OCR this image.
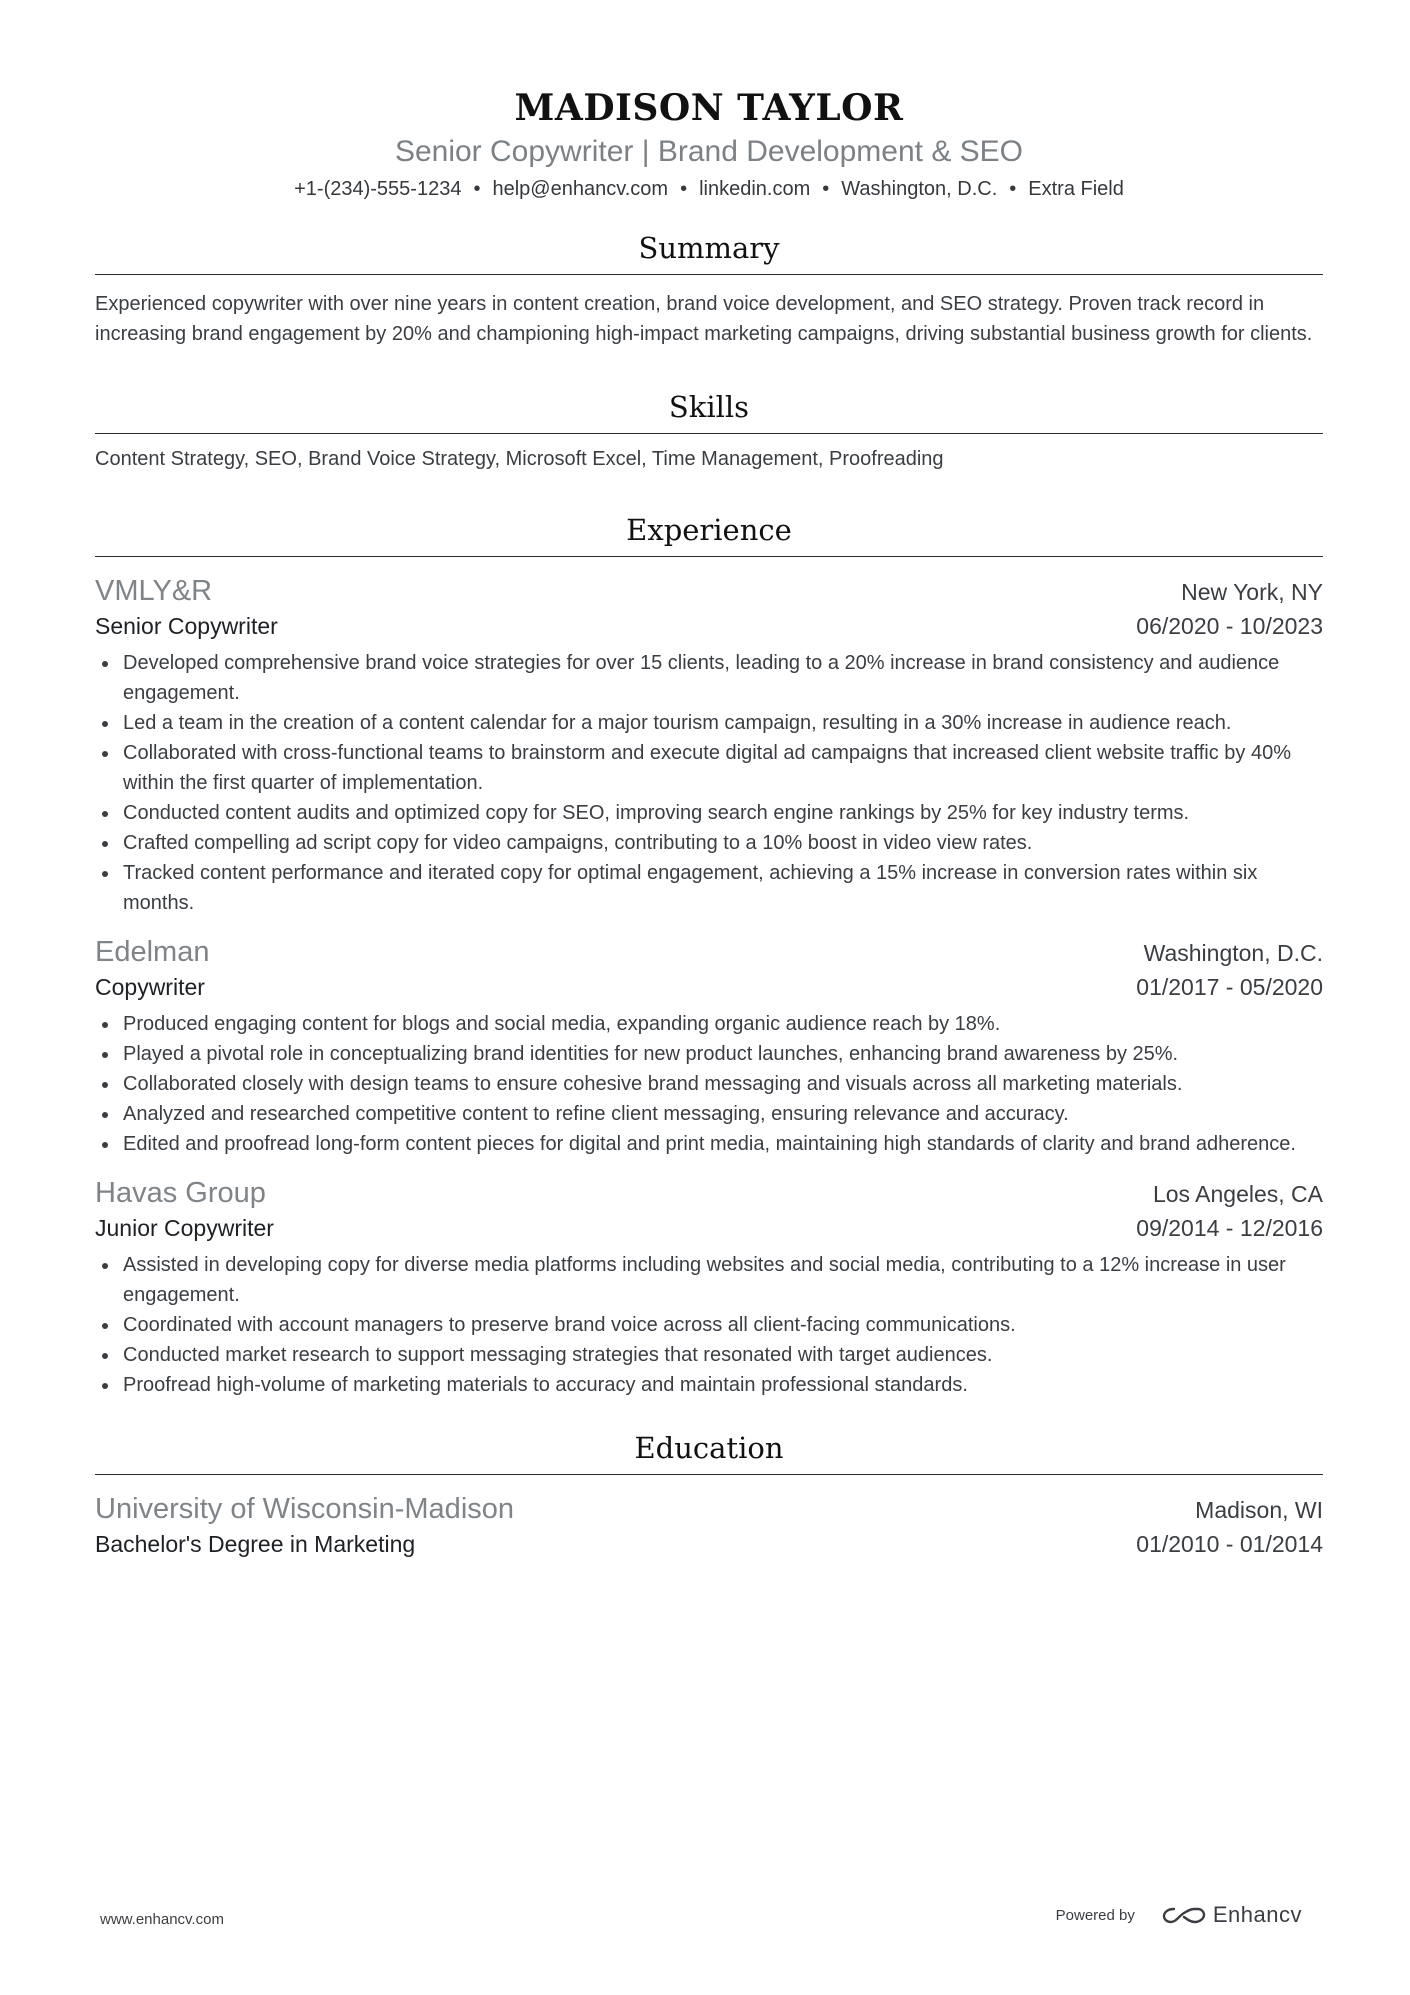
MADISON TAYLOR
Senior Copywriter | Brand Development & SEO
+1-(234)-555-1234 • help@enhancv.com • linkedin.com • Washington, D.C. • Extra Field
Summary
Experienced copywriter with over nine years in content creation, brand voice development, and SEO strategy. Proven track record in increasing brand engagement by 20% and championing high-impact marketing campaigns, driving substantial business growth for clients.
Skills
Content Strategy, SEO, Brand Voice Strategy, Microsoft Excel, Time Management, Proofreading
Experience
VMLY&R	New York, NY
Senior Copywriter	06/2020 - 10/2023
Developed comprehensive brand voice strategies for over 15 clients, leading to a 20% increase in brand consistency and audience engagement.
Led a team in the creation of a content calendar for a major tourism campaign, resulting in a 30% increase in audience reach.
Collaborated with cross-functional teams to brainstorm and execute digital ad campaigns that increased client website traffic by 40% within the first quarter of implementation.
Conducted content audits and optimized copy for SEO, improving search engine rankings by 25% for key industry terms.
Crafted compelling ad script copy for video campaigns, contributing to a 10% boost in video view rates.
Tracked content performance and iterated copy for optimal engagement, achieving a 15% increase in conversion rates within six months.
Edelman	Washington, D.C.
Copywriter	01/2017 - 05/2020
Produced engaging content for blogs and social media, expanding organic audience reach by 18%.
Played a pivotal role in conceptualizing brand identities for new product launches, enhancing brand awareness by 25%.
Collaborated closely with design teams to ensure cohesive brand messaging and visuals across all marketing materials.
Analyzed and researched competitive content to refine client messaging, ensuring relevance and accuracy.
Edited and proofread long-form content pieces for digital and print media, maintaining high standards of clarity and brand adherence.
Havas Group	Los Angeles, CA
Junior Copywriter	09/2014 - 12/2016
Assisted in developing copy for diverse media platforms including websites and social media, contributing to a 12% increase in user engagement.
Coordinated with account managers to preserve brand voice across all client-facing communications.
Conducted market research to support messaging strategies that resonated with target audiences.
Proofread high-volume of marketing materials to accuracy and maintain professional standards.
Education
University of Wisconsin-Madison	Madison, WI
Bachelor's Degree in Marketing	01/2010 - 01/2014
www.enhancv.com	Powered by	Enhancv
